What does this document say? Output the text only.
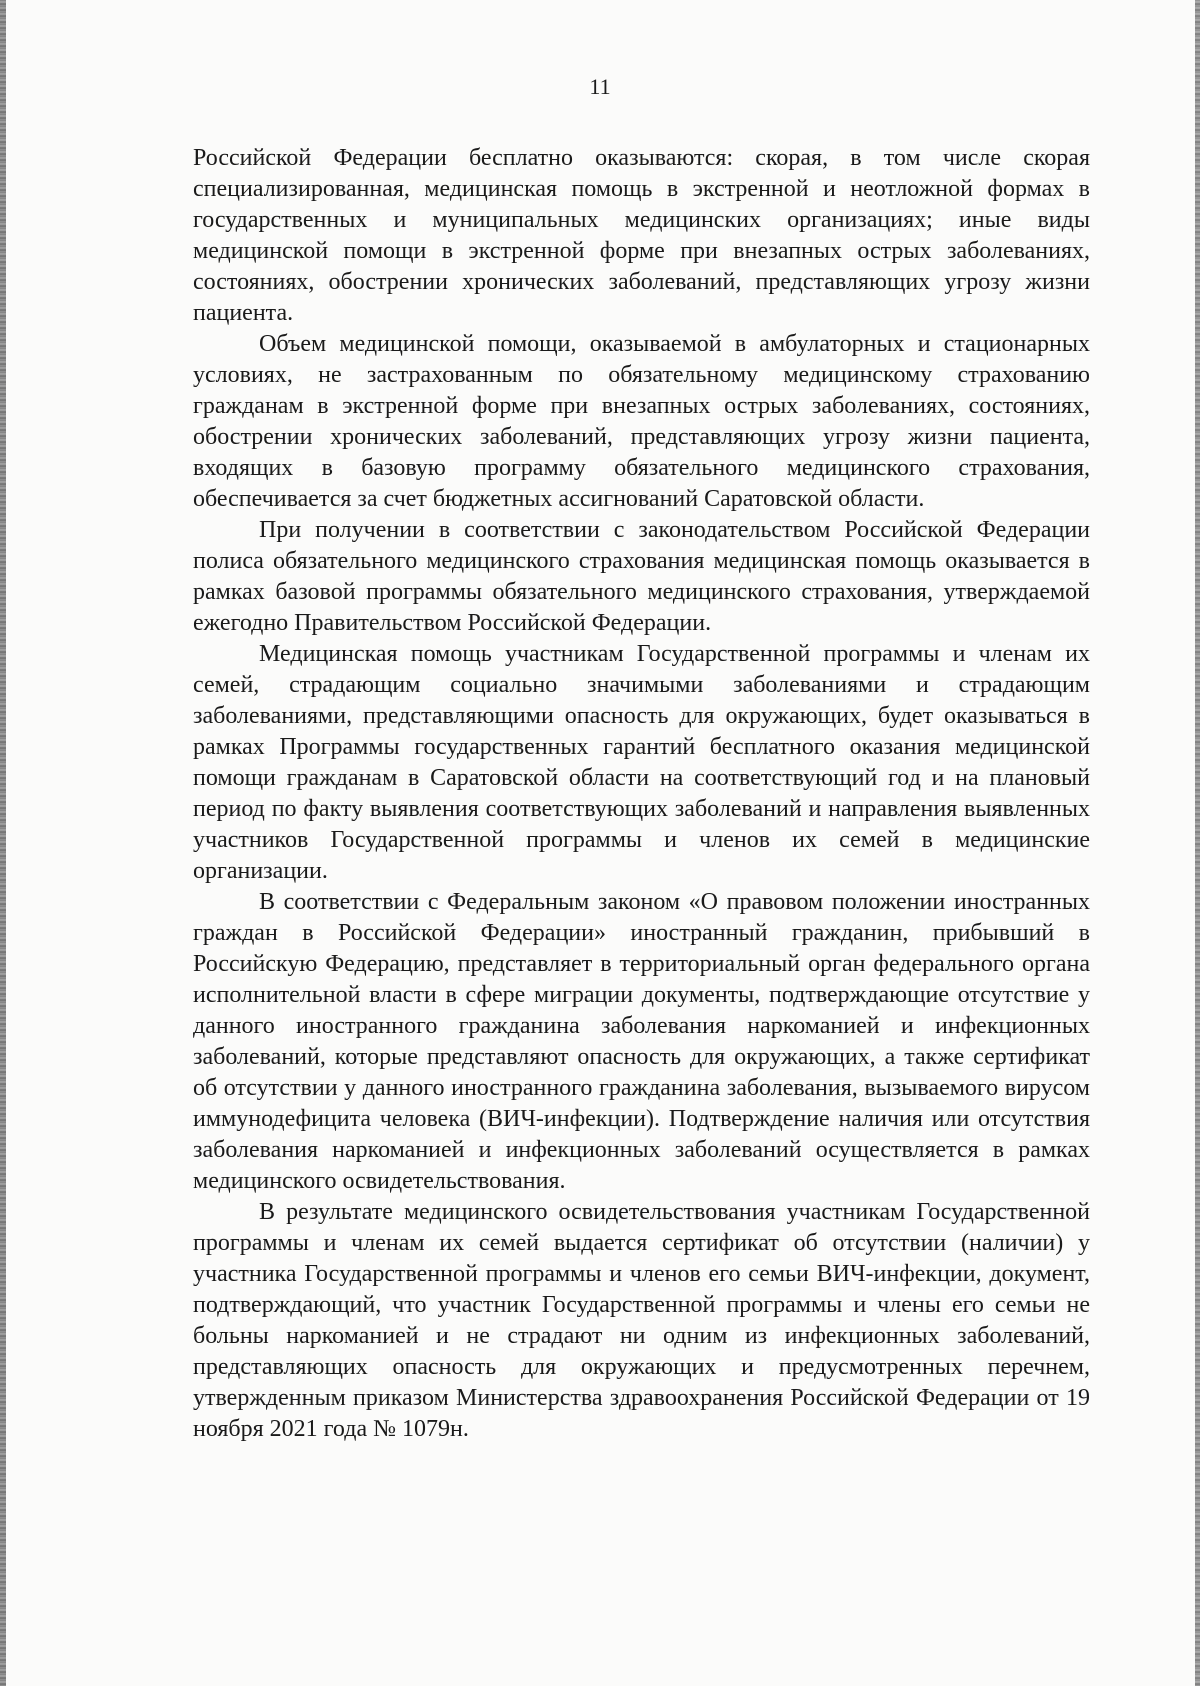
11

Российской Федерации бесплатно оказываются: скорая, в том числе скорая специализированная, медицинская помощь в экстренной и неотложной формах в государственных и муниципальных медицинских организациях; иные виды медицинской помощи в экстренной форме при внезапных острых заболеваниях, состояниях, обострении хронических заболеваний, представляющих угрозу жизни пациента.

Объем медицинской помощи, оказываемой в амбулаторных и стационарных условиях, не застрахованным по обязательному медицинскому страхованию гражданам в экстренной форме при внезапных острых заболеваниях, состояниях, обострении хронических заболеваний, представляющих угрозу жизни пациента, входящих в базовую программу обязательного медицинского страхования, обеспечивается за счет бюджетных ассигнований Саратовской области.

При получении в соответствии с законодательством Российской Федерации полиса обязательного медицинского страхования медицинская помощь оказывается в рамках базовой программы обязательного медицинского страхования, утверждаемой ежегодно Правительством Российской Федерации.

Медицинская помощь участникам Государственной программы и членам их семей, страдающим социально значимыми заболеваниями и страдающим заболеваниями, представляющими опасность для окружающих, будет оказываться в рамках Программы государственных гарантий бесплатного оказания медицинской помощи гражданам в Саратовской области на соответствующий год и на плановый период по факту выявления соответствующих заболеваний и направления выявленных участников Государственной программы и членов их семей в медицинские организации.

В соответствии с Федеральным законом «О правовом положении иностранных граждан в Российской Федерации» иностранный гражданин, прибывший в Российскую Федерацию, представляет в территориальный орган федерального органа исполнительной власти в сфере миграции документы, подтверждающие отсутствие у данного иностранного гражданина заболевания наркоманией и инфекционных заболеваний, которые представляют опасность для окружающих, а также сертификат об отсутствии у данного иностранного гражданина заболевания, вызываемого вирусом иммунодефицита человека (ВИЧ-инфекции). Подтверждение наличия или отсутствия заболевания наркоманией и инфекционных заболеваний осуществляется в рамках медицинского освидетельствования.

В результате медицинского освидетельствования участникам Государственной программы и членам их семей выдается сертификат об отсутствии (наличии) у участника Государственной программы и членов его семьи ВИЧ-инфекции, документ, подтверждающий, что участник Государственной программы и члены его семьи не больны наркоманией и не страдают ни одним из инфекционных заболеваний, представляющих опасность для окружающих и предусмотренных перечнем, утвержденным приказом Министерства здравоохранения Российской Федерации от 19 ноября 2021 года № 1079н.
